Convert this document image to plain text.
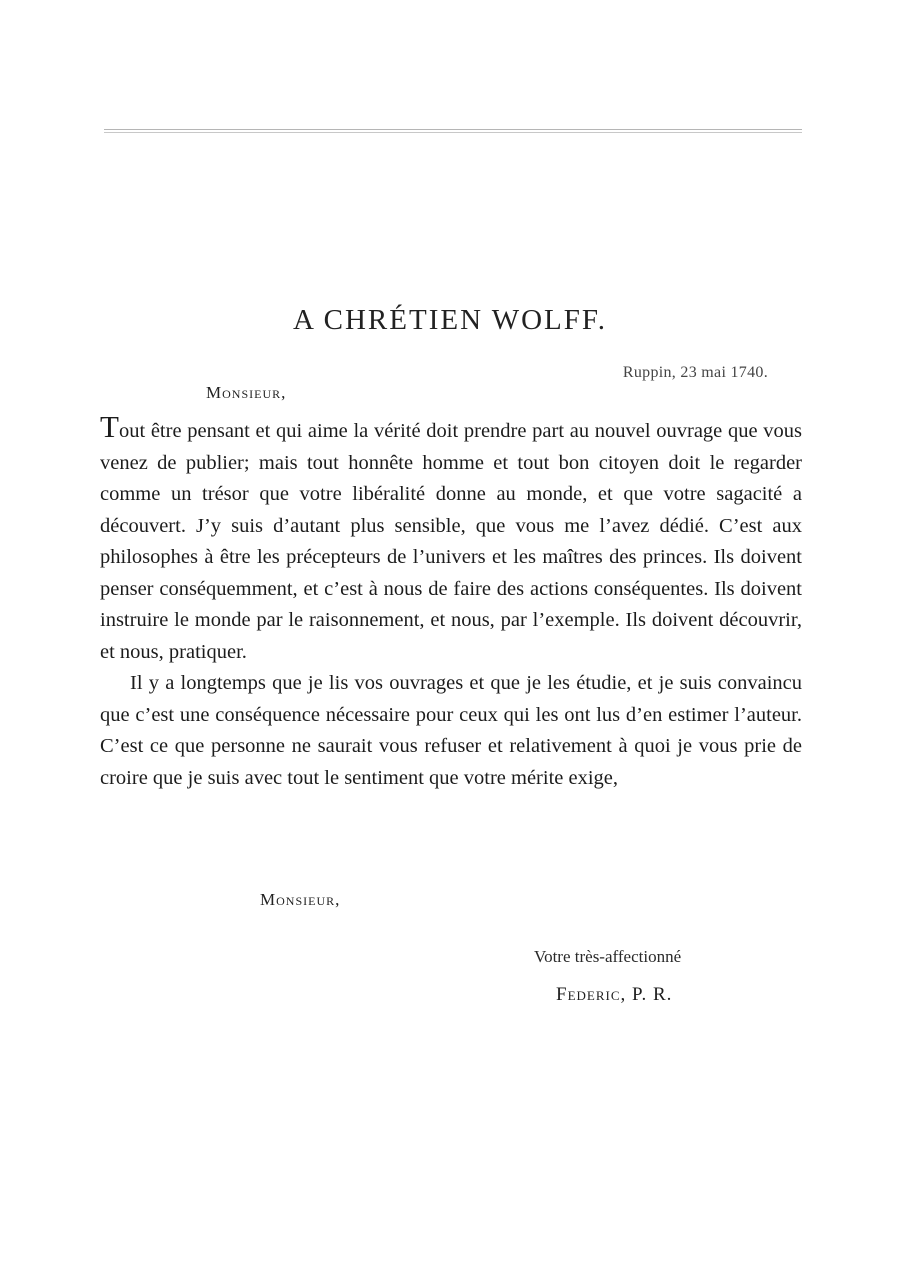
A CHRÉTIEN WOLFF.
Ruppin, 23 mai 1740.
Monsieur,

Tout être pensant et qui aime la vérité doit prendre part au nouvel ouvrage que vous venez de publier; mais tout honnête homme et tout bon citoyen doit le regarder comme un trésor que votre libéralité donne au monde, et que votre sagacité a découvert. J’y suis d’autant plus sensible, que vous me l’avez dédié. C’est aux philosophes à être les précepteurs de l’univers et les maîtres des princes. Ils doivent penser conséquemment, et c’est à nous de faire des actions conséquentes. Ils doivent instruire le monde par le raisonnement, et nous, par l’exemple. Ils doivent découvrir, et nous, pratiquer.

Il y a longtemps que je lis vos ouvrages et que je les étudie, et je suis convaincu que c’est une conséquence nécessaire pour ceux qui les ont lus d’en estimer l’auteur. C’est ce que personne ne saurait vous refuser et relativement à quoi je vous prie de croire que je suis avec tout le sentiment que votre mérite exige,

Monsieur,
Votre très-affectionné
Federic, P. R.
